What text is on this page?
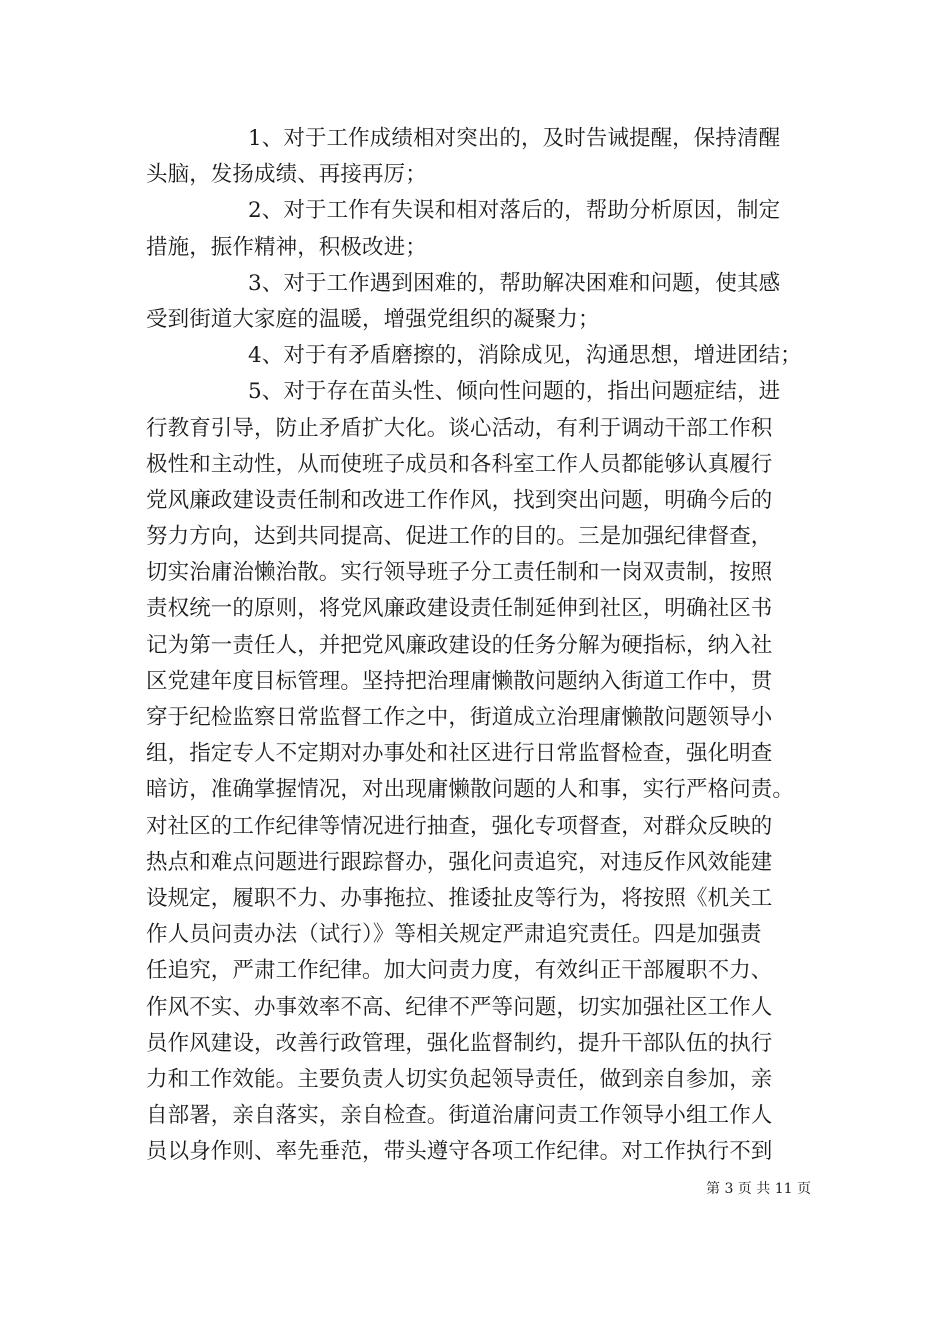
1、对于工作成绩相对突出的，及时告诫提醒，保持清醒
头脑，发扬成绩、再接再厉；
2、对于工作有失误和相对落后的，帮助分析原因，制定
措施，振作精神，积极改进；
3、对于工作遇到困难的，帮助解决困难和问题，使其感
受到街道大家庭的温暖，增强党组织的凝聚力；
4、对于有矛盾磨擦的，消除成见，沟通思想，增进团结；
5、对于存在苗头性、倾向性问题的，指出问题症结，进
行教育引导，防止矛盾扩大化。谈心活动，有利于调动干部工作积
极性和主动性，从而使班子成员和各科室工作人员都能够认真履行
党风廉政建设责任制和改进工作作风，找到突出问题，明确今后的
努力方向，达到共同提高、促进工作的目的。三是加强纪律督查，
切实治庸治懒治散。实行领导班子分工责任制和一岗双责制，按照
责权统一的原则，将党风廉政建设责任制延伸到社区，明确社区书
记为第一责任人，并把党风廉政建设的任务分解为硬指标，纳入社
区党建年度目标管理。坚持把治理庸懒散问题纳入街道工作中，贯
穿于纪检监察日常监督工作之中，街道成立治理庸懒散问题领导小
组，指定专人不定期对办事处和社区进行日常监督检查，强化明查
暗访，准确掌握情况，对出现庸懒散问题的人和事，实行严格问责。
对社区的工作纪律等情况进行抽查，强化专项督查，对群众反映的
热点和难点问题进行跟踪督办，强化问责追究，对违反作风效能建
设规定，履职不力、办事拖拉、推诿扯皮等行为，将按照《机关工
作人员问责办法（试行）》等相关规定严肃追究责任。四是加强责
任追究，严肃工作纪律。加大问责力度，有效纠正干部履职不力、
作风不实、办事效率不高、纪律不严等问题，切实加强社区工作人
员作风建设，改善行政管理，强化监督制约，提升干部队伍的执行
力和工作效能。主要负责人切实负起领导责任，做到亲自参加，亲
自部署，亲自落实，亲自检查。街道治庸问责工作领导小组工作人
员以身作则、率先垂范，带头遵守各项工作纪律。对工作执行不到
第 3 页 共 11 页
